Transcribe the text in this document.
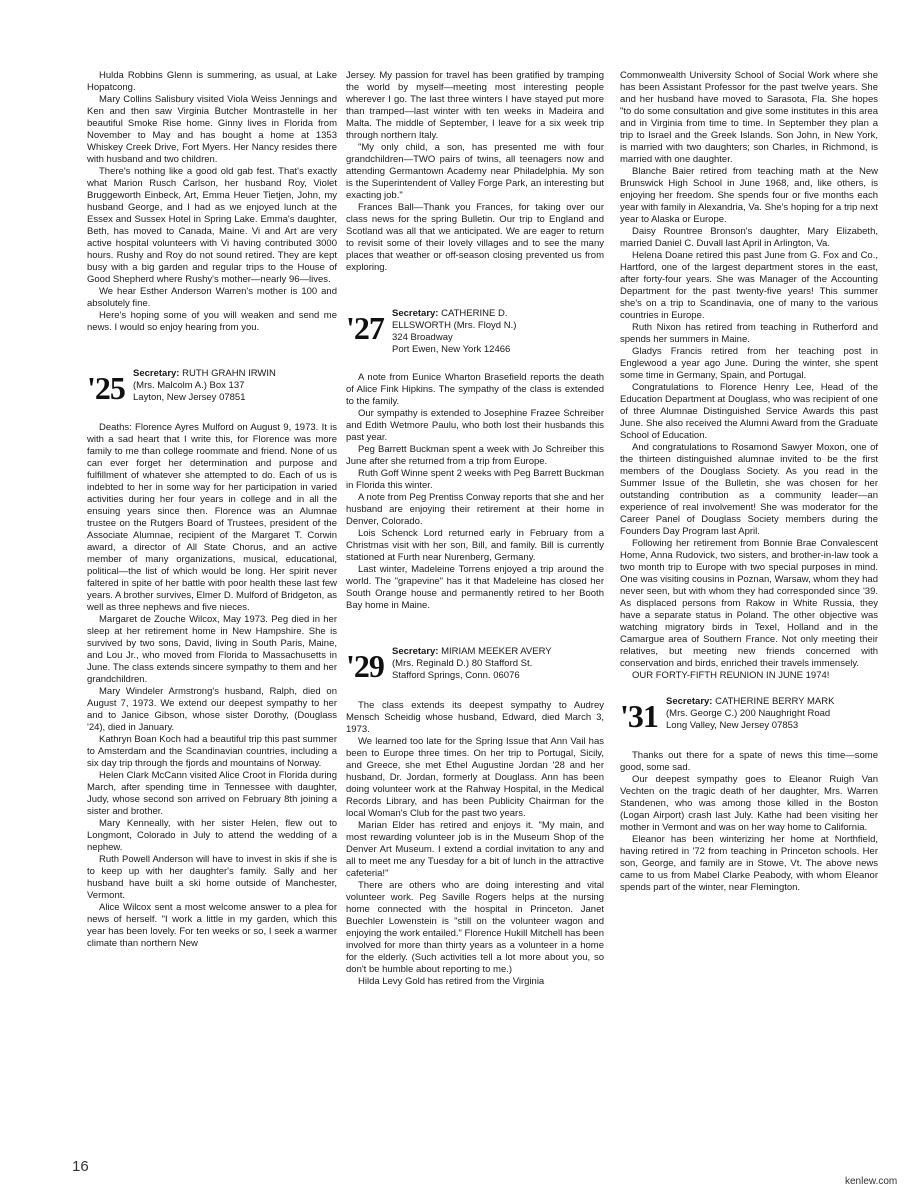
Hulda Robbins Glenn is summering, as usual, at Lake Hopatcong.

Mary Collins Salisbury visited Viola Weiss Jennings and Ken and then saw Virginia Butcher Montrastelle in her beautiful Smoke Rise home. Ginny lives in Florida from November to May and has bought a home at 1353 Whiskey Creek Drive, Fort Myers. Her Nancy resides there with husband and two children.

There's nothing like a good old gab fest. That's exactly what Marion Rusch Carlson, her husband Roy, Violet Bruggeworth Einbeck, Art, Emma Heuer Tietjen, John, my husband George, and I had as we enjoyed lunch at the Essex and Sussex Hotel in Spring Lake. Emma's daughter, Beth, has moved to Canada, Maine. Vi and Art are very active hospital volunteers with Vi having contributed 3000 hours. Rushy and Roy do not sound retired. They are kept busy with a big garden and regular trips to the House of Good Shepherd where Rushy's mother—nearly 96—lives.

We hear Esther Anderson Warren's mother is 100 and absolutely fine.

Here's hoping some of you will weaken and send me news. I would so enjoy hearing from you.

'25 Secretary: RUTH GRAHN IRWIN
(Mrs. Malcolm A.) Box 137
Layton, New Jersey 07851

Deaths: Florence Ayres Mulford on August 9, 1973. It is with a sad heart that I write this, for Florence was more family to me than college roommate and friend. None of us can ever forget her determination and purpose and fulfillment of whatever she attempted to do. Each of us is indebted to her in some way for her participation in varied activities during her four years in college and in all the ensuing years since then. Florence was an Alumnae trustee on the Rutgers Board of Trustees, president of the Associate Alumnae, recipient of the Margaret T. Corwin award, a director of All State Chorus, and an active member of many organizations, musical, educational, political—the list of which would be long. Her spirit never faltered in spite of her battle with poor health these last few years. A brother survives, Elmer D. Mulford of Bridgeton, as well as three nephews and five nieces.

Margaret de Zouche Wilcox, May 1973. Peg died in her sleep at her retirement home in New Hampshire. She is survived by two sons, David, living in South Paris, Maine, and Lou Jr., who moved from Florida to Massachusetts in June. The class extends sincere sympathy to them and her grandchildren.

Mary Windeler Armstrong's husband, Ralph, died on August 7, 1973. We extend our deepest sympathy to her and to Janice Gibson, whose sister Dorothy, (Douglass '24), died in January.

Kathryn Boan Koch had a beautiful trip this past summer to Amsterdam and the Scandinavian countries, including a six day trip through the fjords and mountains of Norway.

Helen Clark McCann visited Alice Croot in Florida during March, after spending time in Tennessee with daughter, Judy, whose second son arrived on February 8th joining a sister and brother.

Mary Kenneally, with her sister Helen, flew out to Longmont, Colorado in July to attend the wedding of a nephew.

Ruth Powell Anderson will have to invest in skis if she is to keep up with her daughter's family. Sally and her husband have built a ski home outside of Manchester, Vermont.

Alice Wilcox sent a most welcome answer to a plea for news of herself. "I work a little in my garden, which this year has been lovely. For ten weeks or so, I seek a warmer climate than northern New

Jersey. My passion for travel has been gratified by tramping the world by myself—meeting most interesting people wherever I go. The last three winters I have stayed put more than tramped—last winter with ten weeks in Madeira and Malta. The middle of September, I leave for a six week trip through northern Italy.

"My only child, a son, has presented me with four grandchildren—TWO pairs of twins, all teenagers now and attending Germantown Academy near Philadelphia. My son is the Superintendent of Valley Forge Park, an interesting but exacting job."

Frances Ball—Thank you Frances, for taking over our class news for the spring Bulletin. Our trip to England and Scotland was all that we anticipated. We are eager to return to revisit some of their lovely villages and to see the many places that weather or off-season closing prevented us from exploring.

'27 Secretary: CATHERINE D.
ELLSWORTH (Mrs. Floyd N.)
324 Broadway
Port Ewen, New York 12466

A note from Eunice Wharton Brasefield reports the death of Alice Fink Hipkins. The sympathy of the class is extended to the family.

Our sympathy is extended to Josephine Frazee Schreiber and Edith Wetmore Paulu, who both lost their husbands this past year.

Peg Barrett Buckman spent a week with Jo Schreiber this June after she returned from a trip from Europe.

Ruth Goff Winne spent 2 weeks with Peg Barrett Buckman in Florida this winter.

A note from Peg Prentiss Conway reports that she and her husband are enjoying their retirement at their home in Denver, Colorado.

Lois Schenck Lord returned early in February from a Christmas visit with her son, Bill, and family. Bill is currently stationed at Furth near Nurenberg, Germany.

Last winter, Madeleine Torrens enjoyed a trip around the world. The "grapevine" has it that Madeleine has closed her South Orange house and permanently retired to her Booth Bay home in Maine.

'29 Secretary: MIRIAM MEEKER AVERY
(Mrs. Reginald D.) 80 Stafford St.
Stafford Springs, Conn. 06076

The class extends its deepest sympathy to Audrey Mensch Scheidig whose husband, Edward, died March 3, 1973.

We learned too late for the Spring Issue that Ann Vail has been to Europe three times. On her trip to Portugal, Sicily, and Greece, she met Ethel Augustine Jordan '28 and her husband, Dr. Jordan, formerly at Douglass. Ann has been doing volunteer work at the Rahway Hospital, in the Medical Records Library, and has been Publicity Chairman for the local Woman's Club for the past two years.

Marian Elder has retired and enjoys it. "My main, and most rewarding volunteer job is in the Museum Shop of the Denver Art Museum. I extend a cordial invitation to any and all to meet me any Tuesday for a bit of lunch in the attractive cafeteria!"

There are others who are doing interesting and vital volunteer work. Peg Saville Rogers helps at the nursing home connected with the hospital in Princeton. Janet Buechler Lowenstein is "still on the volunteer wagon and enjoying the work entailed." Florence Hukill Mitchell has been involved for more than thirty years as a volunteer in a home for the elderly. (Such activities tell a lot more about you, so don't be humble about reporting to me.)

Hilda Levy Gold has retired from the Virginia

Commonwealth University School of Social Work where she has been Assistant Professor for the past twelve years. She and her husband have moved to Sarasota, Fla. She hopes "to do some consultation and give some institutes in this area and in Virginia from time to time. In September they plan a trip to Israel and the Greek Islands. Son John, in New York, is married with two daughters; son Charles, in Richmond, is married with one daughter.

Blanche Baier retired from teaching math at the New Brunswick High School in June 1968, and, like others, is enjoying her freedom. She spends four or five months each year with family in Alexandria, Va. She's hoping for a trip next year to Alaska or Europe.

Daisy Rountree Bronson's daughter, Mary Elizabeth, married Daniel C. Duvall last April in Arlington, Va.

Helena Doane retired this past June from G. Fox and Co., Hartford, one of the largest department stores in the east, after forty-four years. She was Manager of the Accounting Department for the past twenty-five years! This summer she's on a trip to Scandinavia, one of many to the various countries in Europe.

Ruth Nixon has retired from teaching in Rutherford and spends her summers in Maine.

Gladys Francis retired from her teaching post in Englewood a year ago June. During the winter, she spent some time in Germany, Spain, and Portugal.

Congratulations to Florence Henry Lee, Head of the Education Department at Douglass, who was recipient of one of three Alumnae Distinguished Service Awards this past June. She also received the Alumni Award from the Graduate School of Education.

And congratulations to Rosamond Sawyer Moxon, one of the thirteen distinguished alumnae invited to be the first members of the Douglass Society. As you read in the Summer Issue of the Bulletin, she was chosen for her outstanding contribution as a community leader—an experience of real involvement! She was moderator for the Career Panel of Douglass Society members during the Founders Day Program last April.

Following her retirement from Bonnie Brae Convalescent Home, Anna Rudovick, two sisters, and brother-in-law took a two month trip to Europe with two special purposes in mind. One was visiting cousins in Poznan, Warsaw, whom they had never seen, but with whom they had corresponded since '39. As displaced persons from Rakow in White Russia, they have a separate status in Poland. The other objective was watching migratory birds in Texel, Holland and in the Camargue area of Southern France. Not only meeting their relatives, but meeting new friends concerned with conservation and birds, enriched their travels immensely.

OUR FORTY-FIFTH REUNION IN JUNE 1974!

'31 Secretary: CATHERINE BERRY MARK
(Mrs. George C.) 200 Naughright Road
Long Valley, New Jersey 07853

Thanks out there for a spate of news this time—some good, some sad.

Our deepest sympathy goes to Eleanor Ruigh Van Vechten on the tragic death of her daughter, Mrs. Warren Standenen, who was among those killed in the Boston (Logan Airport) crash last July. Kathe had been visiting her mother in Vermont and was on her way home to California.

Eleanor has been winterizing her home at Northfield, having retired in '72 from teaching in Princeton schools. Her son, George, and family are in Stowe, Vt. The above news came to us from Mabel Clarke Peabody, with whom Eleanor spends part of the winter, near Flemington.

16
kenlew.com
